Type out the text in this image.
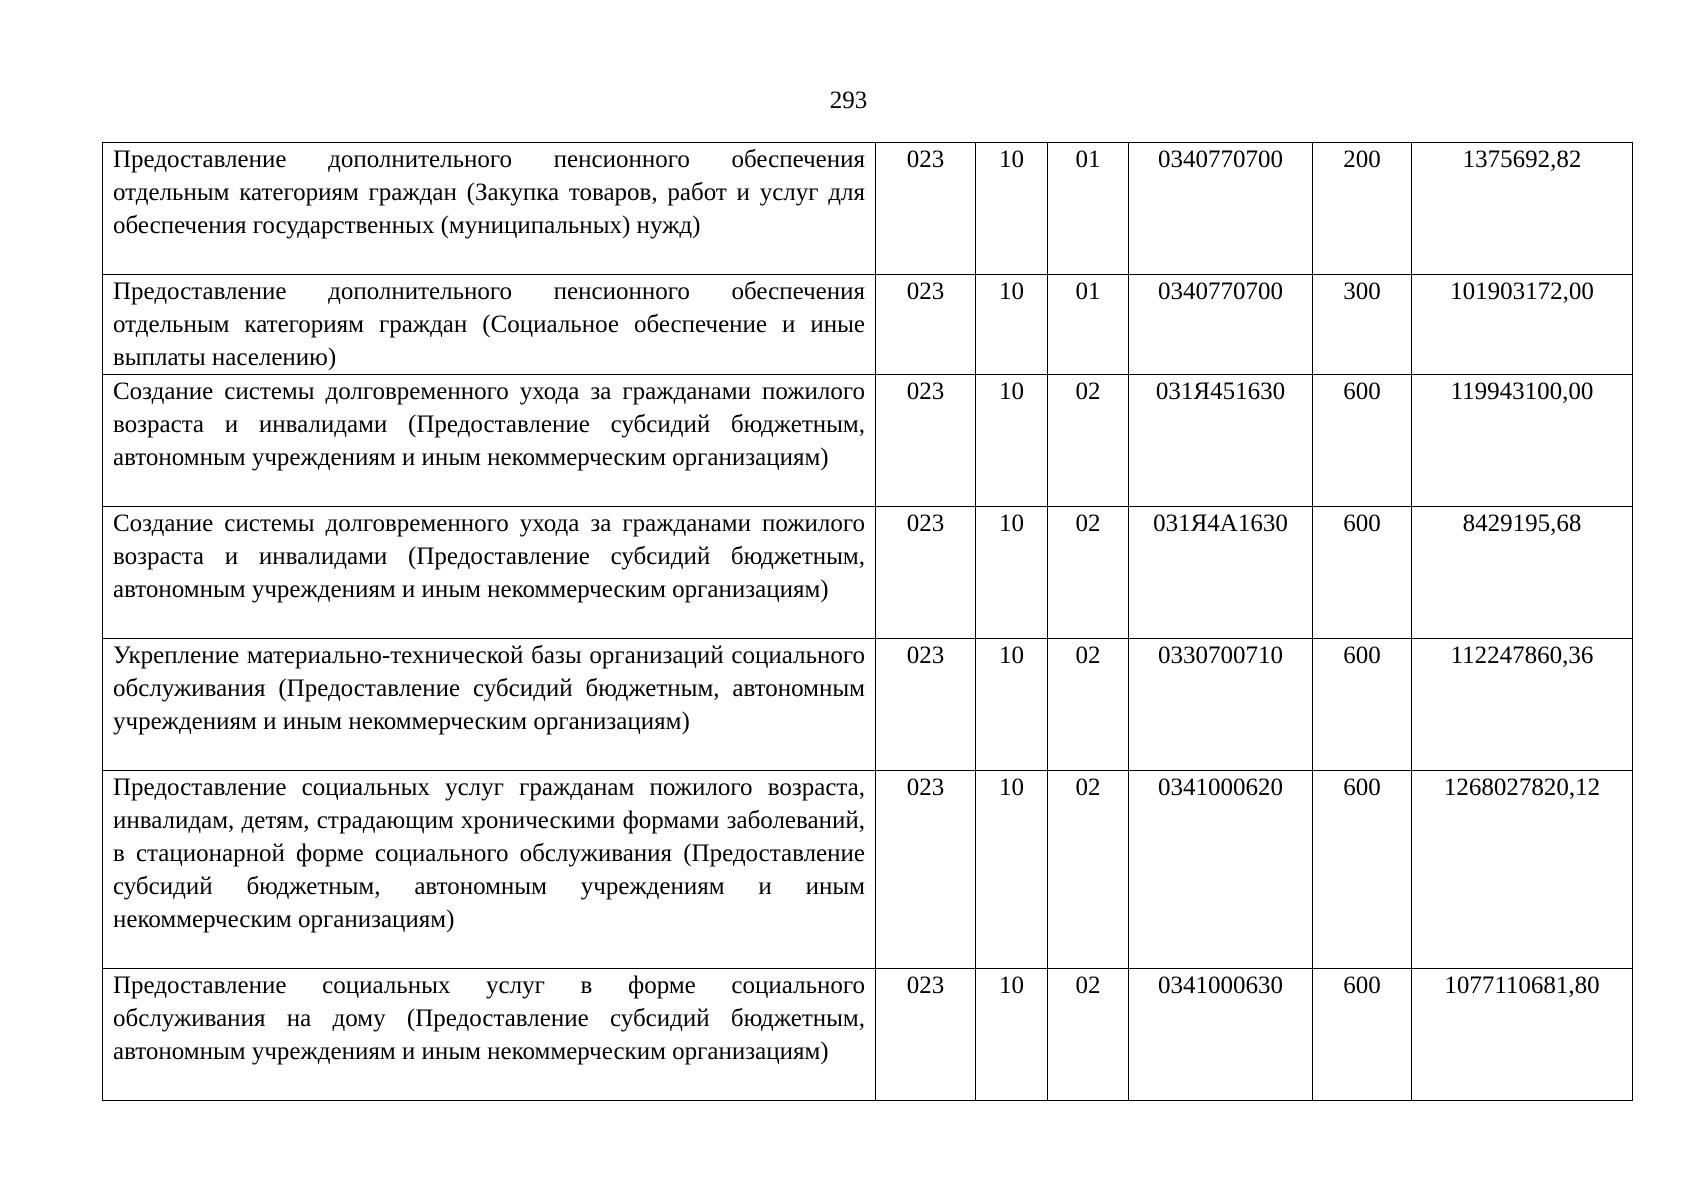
293
Предоставление дополнительного пенсионного обеспечения отдельным категориям граждан (Закупка товаров, работ и услуг для обеспечения государственных (муниципальных) нужд)	023	10	01	0340770700	200	1375692,82
Предоставление дополнительного пенсионного обеспечения отдельным категориям граждан (Социальное обеспечение и иные выплаты населению)	023	10	01	0340770700	300	101903172,00
Создание системы долговременного ухода за гражданами пожилого возраста и инвалидами (Предоставление субсидий бюджетным, автономным учреждениям и иным некоммерческим организациям)	023	10	02	031Я451630	600	119943100,00
Создание системы долговременного ухода за гражданами пожилого возраста и инвалидами (Предоставление субсидий бюджетным, автономным учреждениям и иным некоммерческим организациям)	023	10	02	031Я4А1630	600	8429195,68
Укрепление материально-технической базы организаций социального обслуживания (Предоставление субсидий бюджетным, автономным учреждениям и иным некоммерческим организациям)	023	10	02	0330700710	600	112247860,36
Предоставление социальных услуг гражданам пожилого возраста, инвалидам, детям, страдающим хроническими формами заболеваний, в стационарной форме социального обслуживания (Предоставление субсидий бюджетным, автономным учреждениям и иным некоммерческим организациям)	023	10	02	0341000620	600	1268027820,12
Предоставление социальных услуг в форме социального обслуживания на дому (Предоставление субсидий бюджетным, автономным учреждениям и иным некоммерческим организациям)	023	10	02	0341000630	600	1077110681,80
